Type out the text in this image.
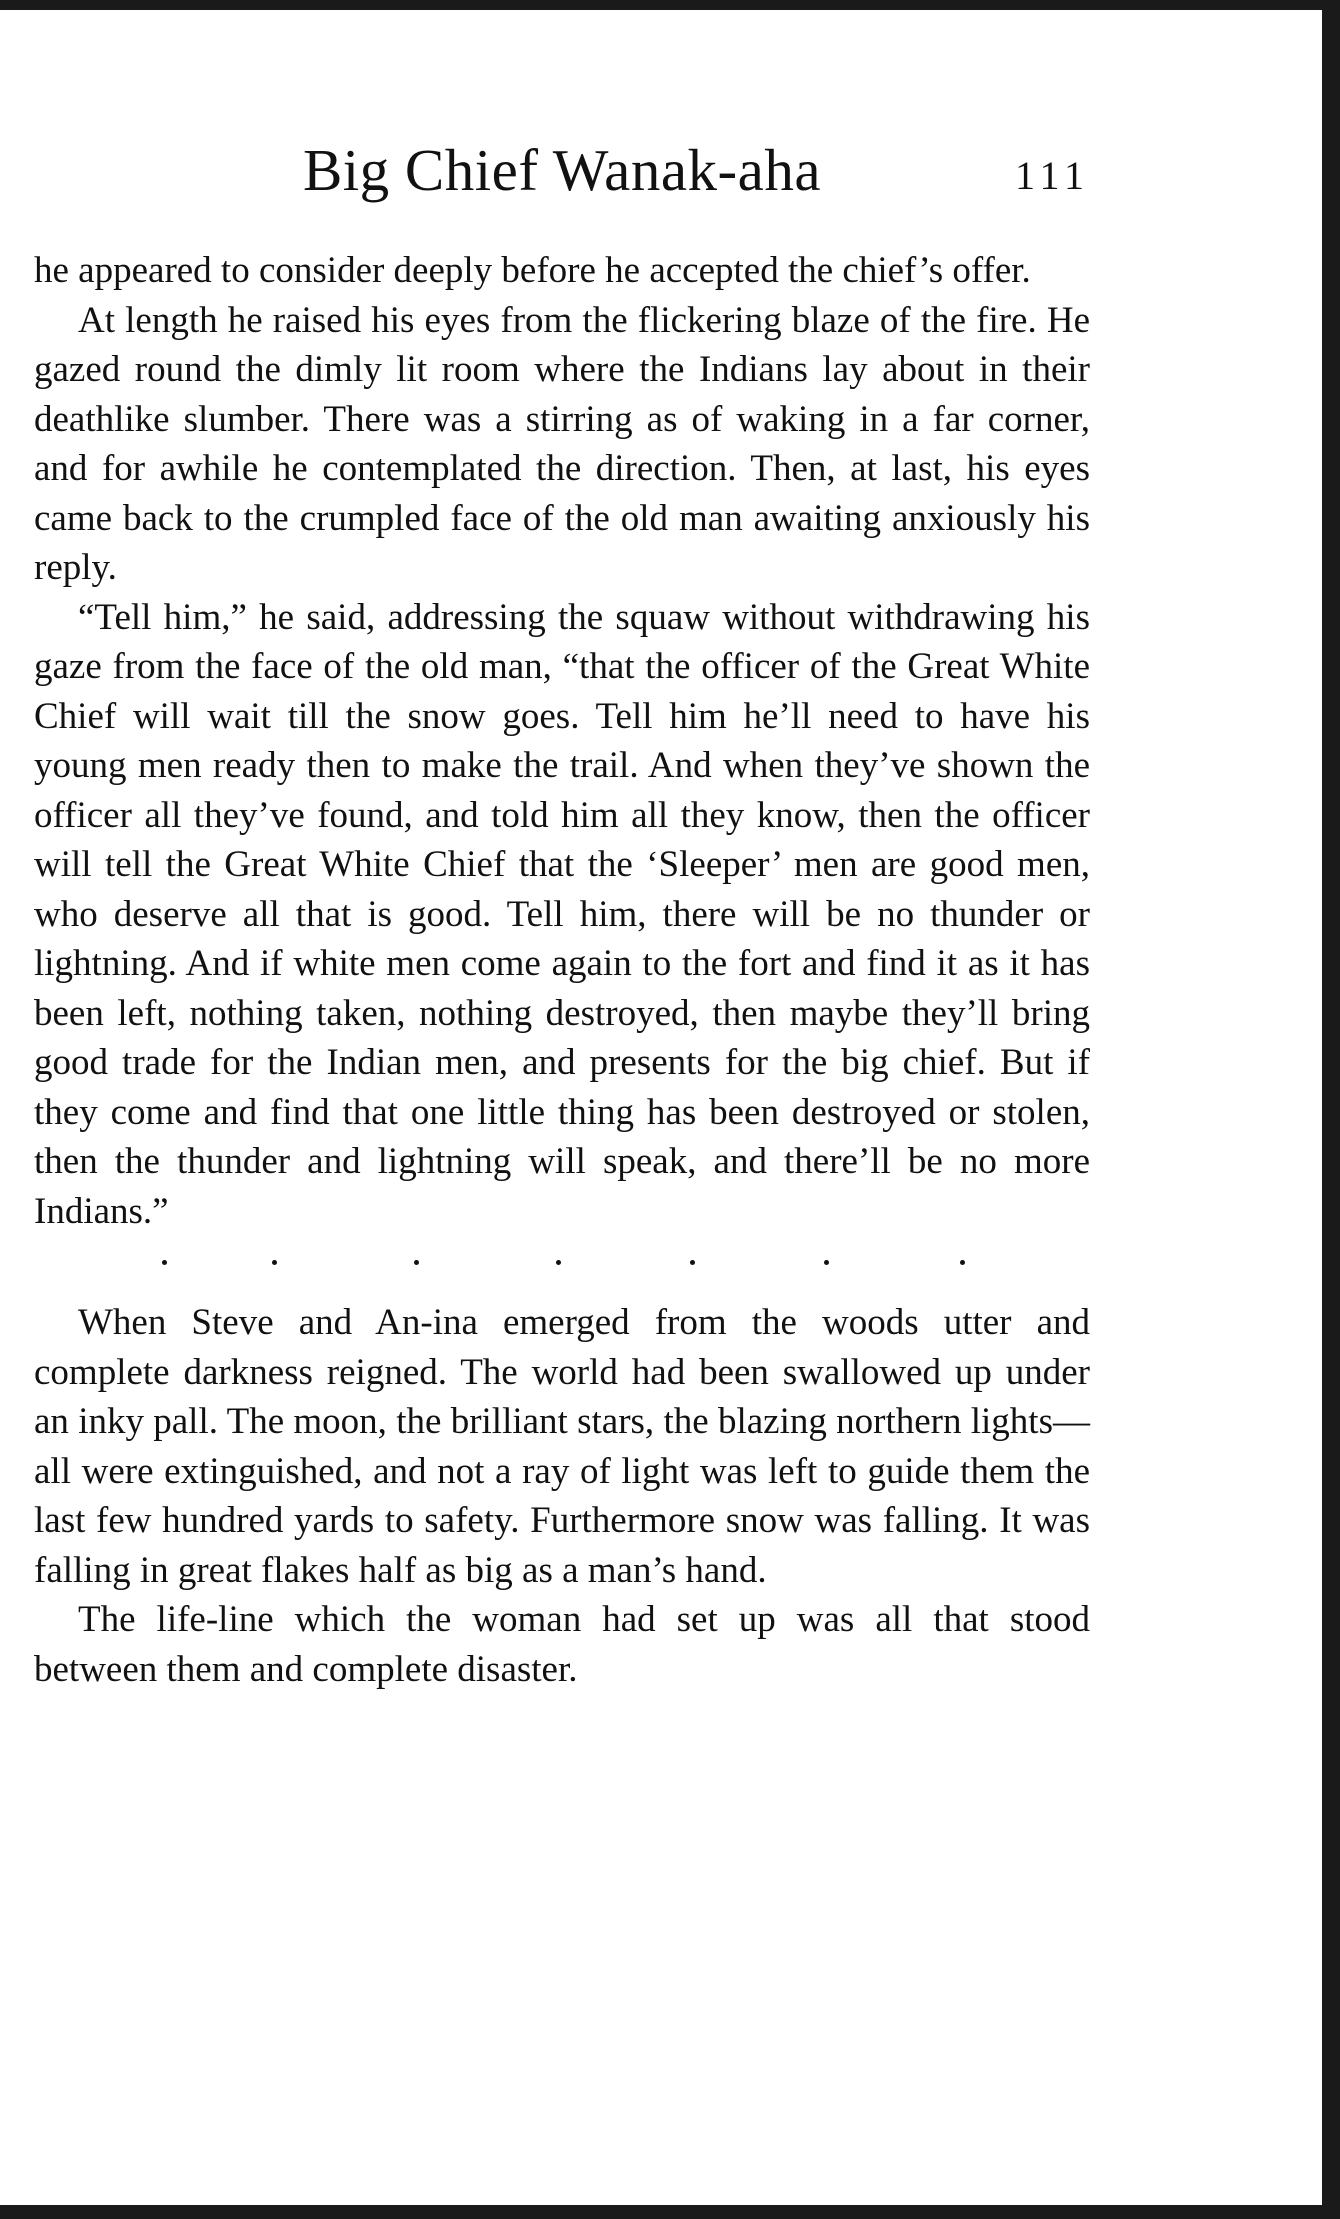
Big Chief Wanak-aha	111

he appeared to consider deeply before he accepted the chief’s offer.

At length he raised his eyes from the flickering blaze of the fire. He gazed round the dimly lit room where the Indians lay about in their deathlike slumber. There was a stirring as of waking in a far corner, and for awhile he contemplated the direction. Then, at last, his eyes came back to the crumpled face of the old man awaiting anxiously his reply.

“Tell him,” he said, addressing the squaw without withdrawing his gaze from the face of the old man, “that the officer of the Great White Chief will wait till the snow goes. Tell him he’ll need to have his young men ready then to make the trail. And when they’ve shown the officer all they’ve found, and told him all they know, then the officer will tell the Great White Chief that the ‘Sleeper’ men are good men, who deserve all that is good. Tell him, there will be no thunder or lightning. And if white men come again to the fort and find it as it has been left, nothing taken, nothing destroyed, then maybe they’ll bring good trade for the Indian men, and presents for the big chief. But if they come and find that one little thing has been destroyed or stolen, then the thunder and lightning will speak, and there’ll be no more Indians.”

When Steve and An-ina emerged from the woods utter and complete darkness reigned. The world had been swallowed up under an inky pall. The moon, the brilliant stars, the blazing northern lights—all were extinguished, and not a ray of light was left to guide them the last few hundred yards to safety. Furthermore snow was falling. It was falling in great flakes half as big as a man’s hand.

The life-line which the woman had set up was all that stood between them and complete disaster.
